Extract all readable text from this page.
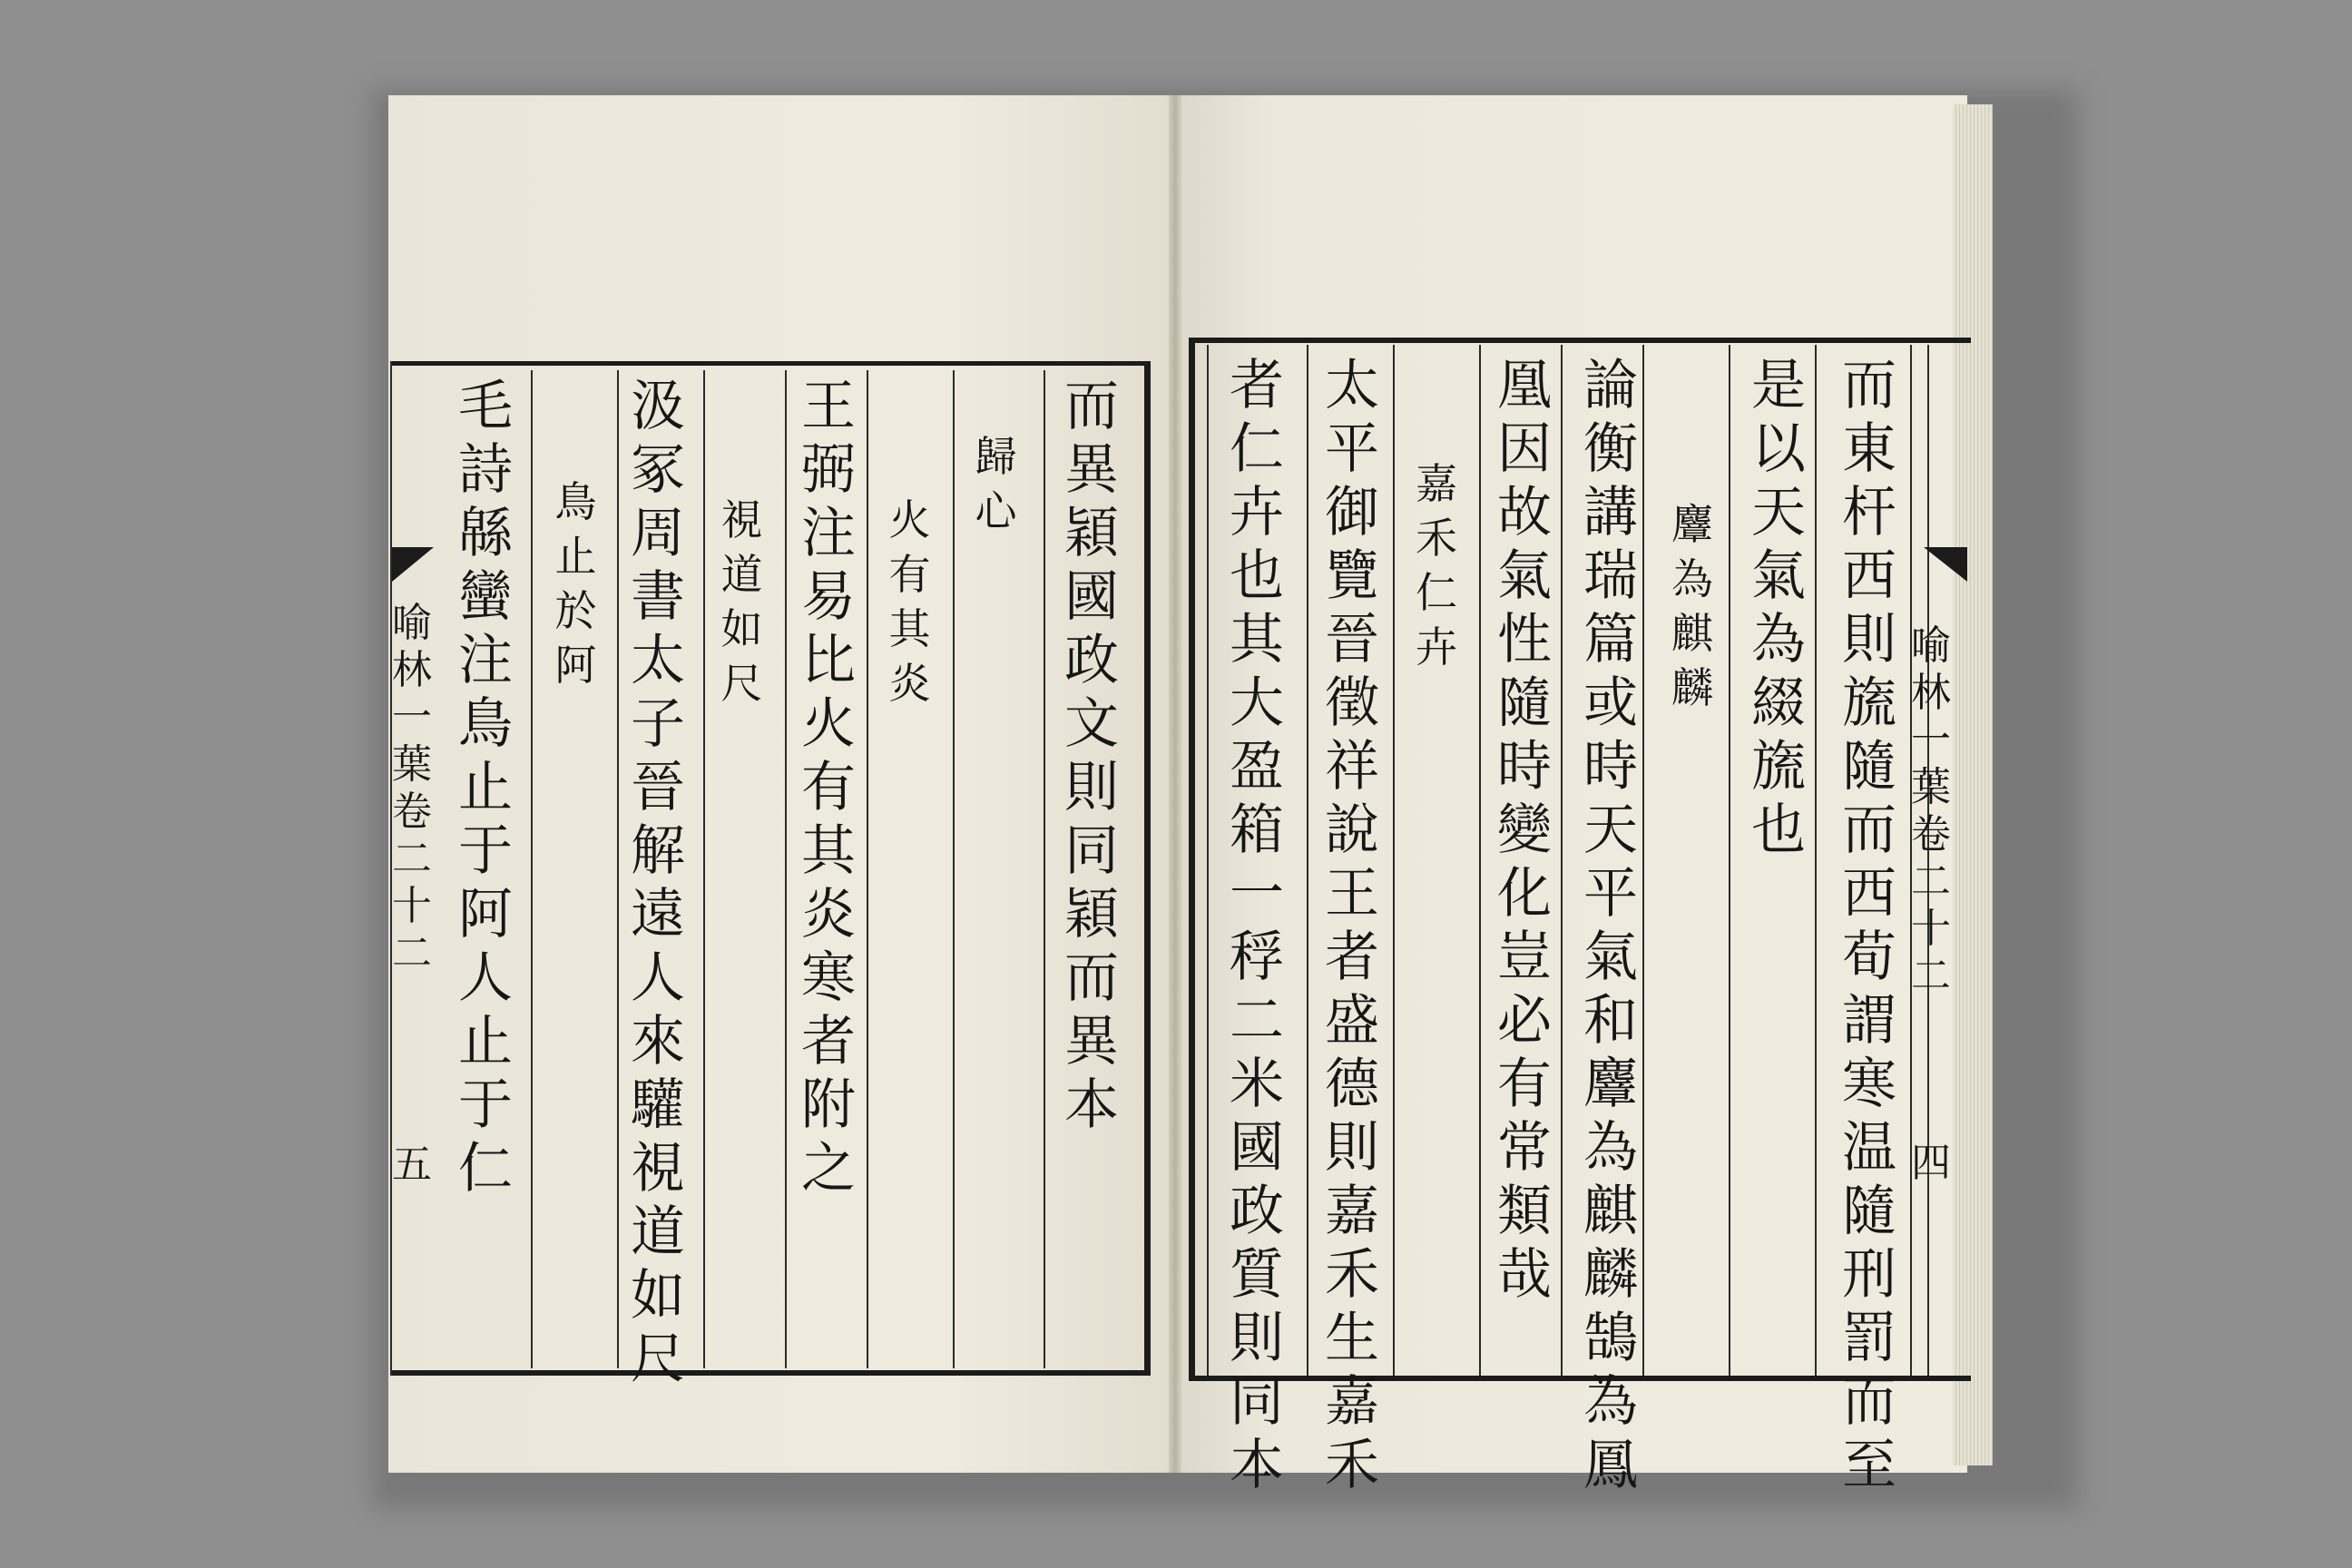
喻
林
一
葉
卷
二
十
二
四
而
東
杆
西
則
旒
隨
而
西
荀
謂
寒
温
隨
刑
罰
而
至
是
以
天
氣
為
綴
旒
也
麞
為
麒
麟
論
衡
講
瑞
篇
或
時
天
平
氣
和
麞
為
麒
麟
鵠
為
鳳
凰
因
故
氣
性
隨
時
變
化
豈
必
有
常
類
哉
嘉
禾
仁
卉
太
平
御
覽
晉
徵
祥
說
王
者
盛
德
則
嘉
禾
生
嘉
禾
者
仁
卉
也
其
大
盈
箱
一
稃
二
米
國
政
質
則
同
本
而
異
穎
國
政
文
則
同
穎
而
異
本
歸
心
火
有
其
炎
王
弼
注
易
比
火
有
其
炎
寒
者
附
之
視
道
如
尺
汲
冢
周
書
太
子
晉
解
遠
人
來
驩
視
道
如
尺
鳥
止
於
阿
毛
詩
緜
蠻
注
鳥
止
于
阿
人
止
于
仁
喻
林
一
葉
卷
二
十
二
五
